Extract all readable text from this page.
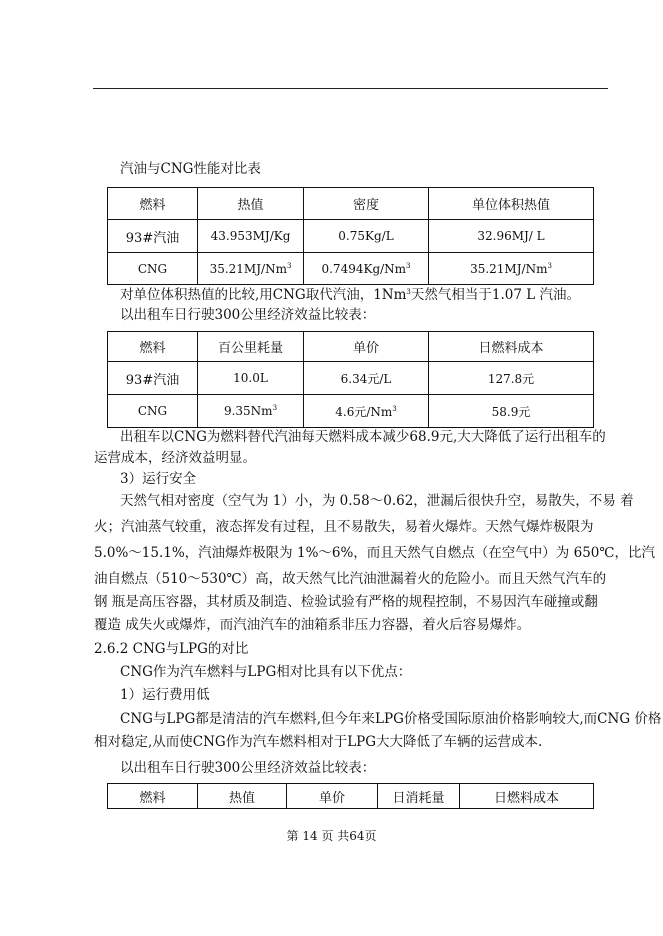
汽油与CNG性能对比表
燃料	热值	密度	单位体积热值
93#汽油	43.953MJ/Kg	0.75Kg/L	32.96MJ/ L
CNG	35.21MJ/Nm$^3$	0.7494Kg/Nm$^3$	35.21MJ/Nm$^3$
对单位体积热值的比较,用CNG取代汽油，1Nm$^3$天然气相当于1.07 L 汽油。
以出租车日行驶300公里经济效益比较表：
燃料	百公里耗量	单价	日燃料成本
93#汽油	10.0L	6.34元/L	127.8元
CNG	9.35Nm$^3$	4.6元/Nm$^3$	58.9元
出租车以CNG为燃料替代汽油每天燃料成本减少68.9元,大大降低了运行出租车的
运营成本，经济效益明显。
3）运行安全
天然气相对密度（空气为 1）小，为 0.58～0.62，泄漏后很快升空，易散失，不易 着
火；汽油蒸气较重，液态挥发有过程，且不易散失，易着火爆炸。天然气爆炸极限为
5.0%～15.1%，汽油爆炸极限为 1%～6%，而且天然气自燃点（在空气中）为 650℃，比汽
油自燃点（510～530℃）高，故天然气比汽油泄漏着火的危险小。而且天然气汽车的
钢 瓶是高压容器，其材质及制造、检验试验有严格的规程控制，不易因汽车碰撞或翻
覆造 成失火或爆炸，而汽油汽车的油箱系非压力容器，着火后容易爆炸。
2.6.2 CNG与LPG的对比
CNG作为汽车燃料与LPG相对比具有以下优点：
1）运行费用低
CNG与LPG都是清洁的汽车燃料,但今年来LPG价格受国际原油价格影响较大,而CNG 价格
相对稳定,从而使CNG作为汽车燃料相对于LPG大大降低了车辆的运营成本.
以出租车日行驶300公里经济效益比较表：
燃料	热值	单价	日消耗量	日燃料成本
第 14 页 共64页
